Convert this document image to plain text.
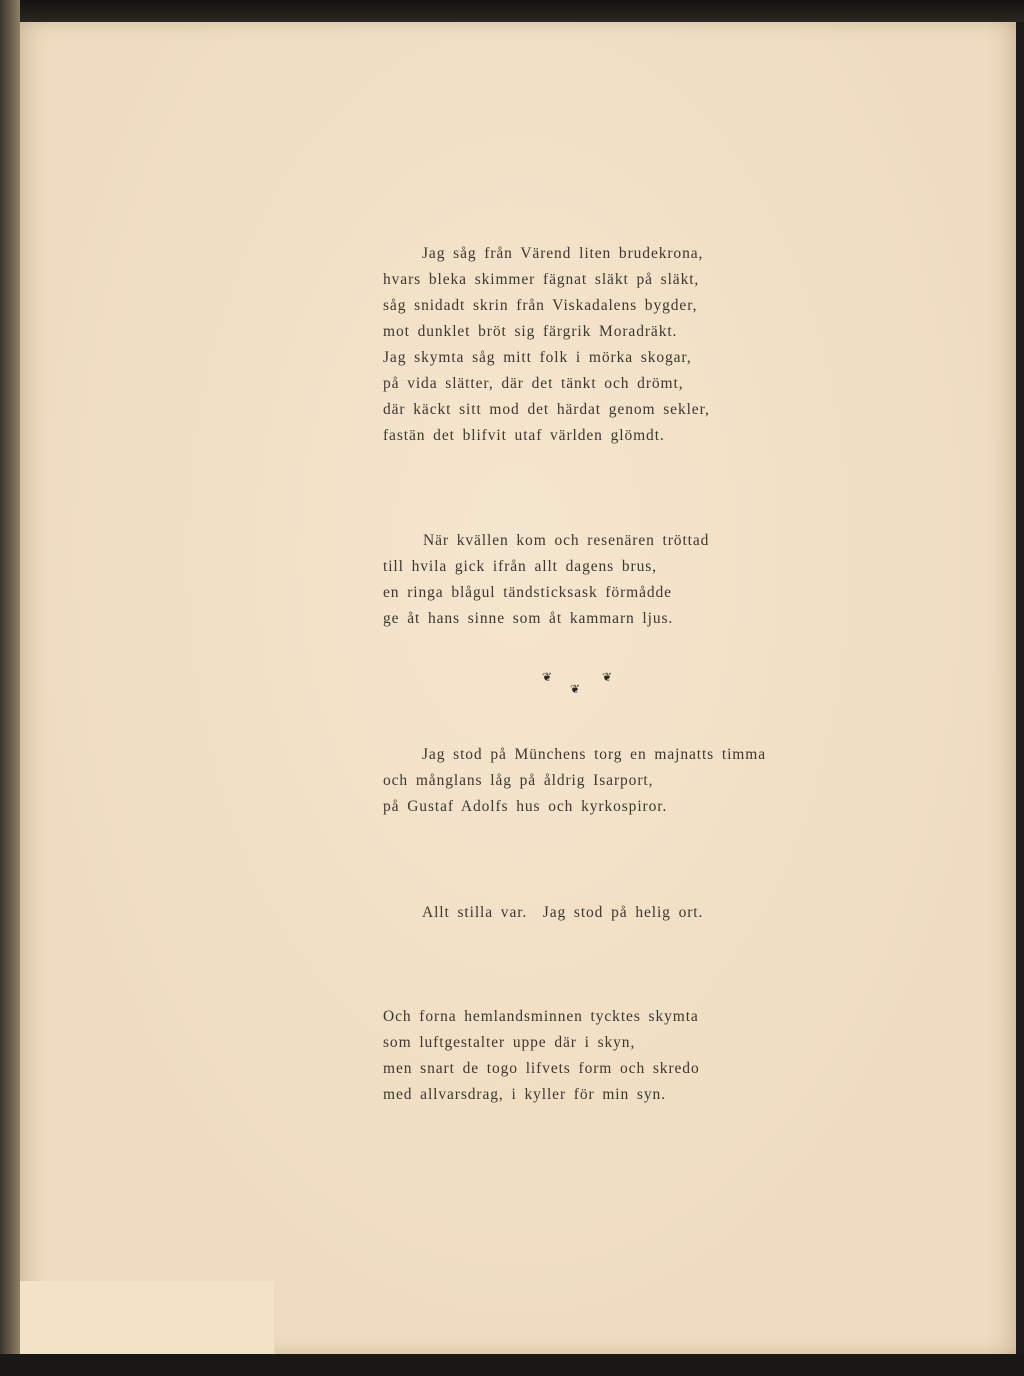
Jag såg från Värend liten brudekrona,
hvars bleka skimmer fägnat släkt på släkt,
såg snidadt skrin från Viskadalens bygder,
mot dunklet bröt sig färgrik Moradräkt.
Jag skymta såg mitt folk i mörka skogar,
på vida slätter, där det tänkt och drömt,
där käckt sitt mod det härdat genom sekler,
fastän det blifvit utaf världen glömdt.
När kvällen kom och resenären tröttad
till hvila gick ifrån allt dagens brus,
en ringa blågul tändsticksask förmådde
ge åt hans sinne som åt kammarn ljus.
❦
❦
❦
Jag stod på Münchens torg en majnatts timma
och månglans låg på åldrig Isarport,
på Gustaf Adolfs hus och kyrkospiror.
Allt stilla var.  Jag stod på helig ort.
Och forna hemlandsminnen tycktes skymta
som luftgestalter uppe där i skyn,
men snart de togo lifvets form och skredo
med allvarsdrag, i kyller för min syn.
